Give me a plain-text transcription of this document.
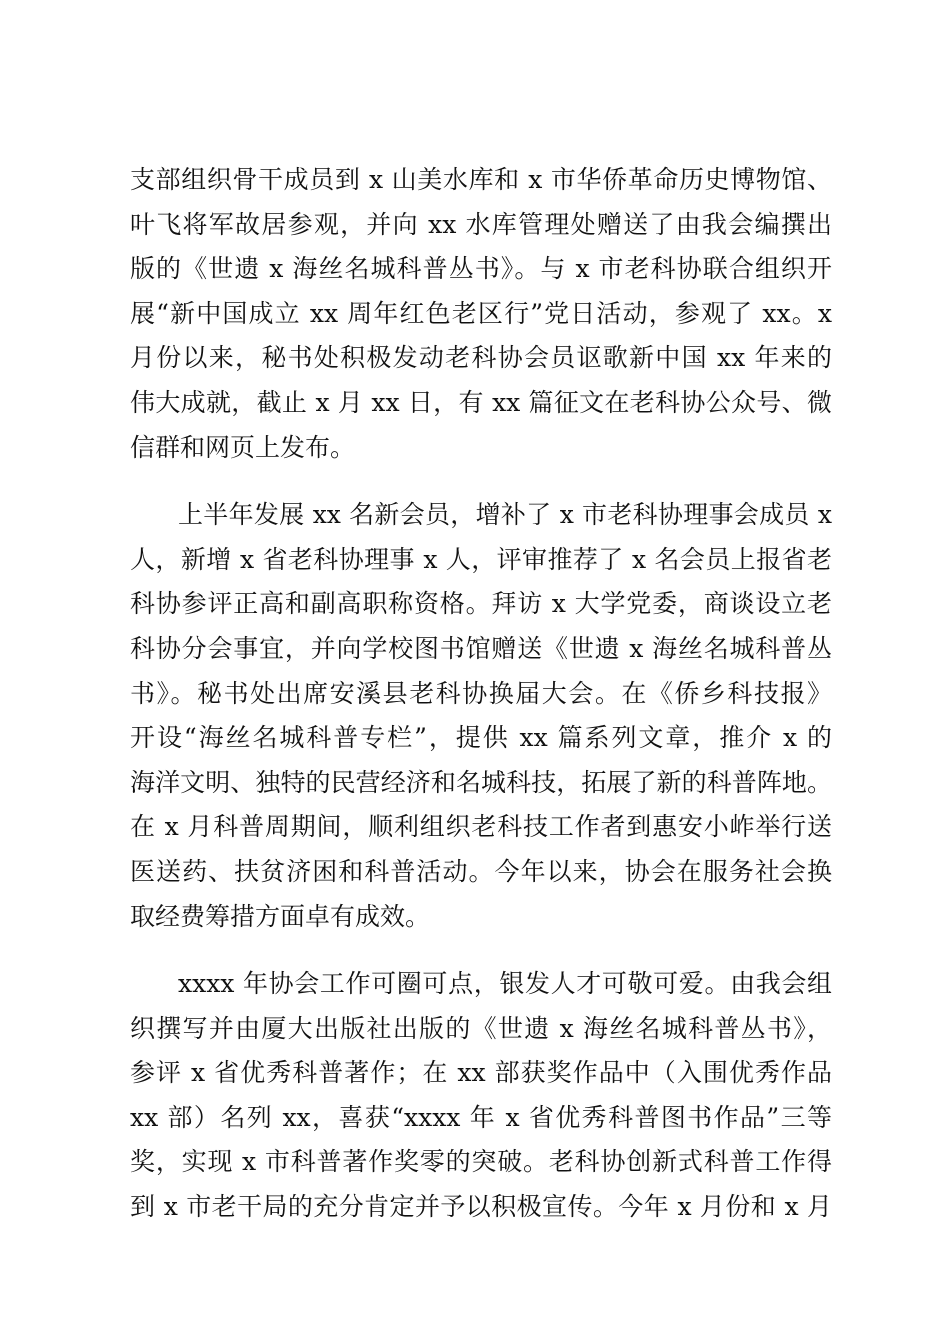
支部组织骨干成员到 x 山美水库和 x 市华侨革命历史博物馆、
叶飞将军故居参观，并向 xx 水库管理处赠送了由我会编撰出
版的《世遗 x 海丝名城科普丛书》。与 x 市老科协联合组织开
展“新中国成立 xx 周年红色老区行”党日活动，参观了 xx。x
月份以来，秘书处积极发动老科协会员讴歌新中国 xx 年来的
伟大成就，截止 x 月 xx 日，有 xx 篇征文在老科协公众号、微
信群和网页上发布。
上半年发展 xx 名新会员，增补了 x 市老科协理事会成员 x
人，新增 x 省老科协理事 x 人，评审推荐了 x 名会员上报省老
科协参评正高和副高职称资格。拜访 x 大学党委，商谈设立老
科协分会事宜，并向学校图书馆赠送《世遗 x 海丝名城科普丛
书》。秘书处出席安溪县老科协换届大会。在《侨乡科技报》
开设“海丝名城科普专栏”，提供 xx 篇系列文章，推介 x 的
海洋文明、独特的民营经济和名城科技，拓展了新的科普阵地。
在 x 月科普周期间，顺利组织老科技工作者到惠安小岞举行送
医送药、扶贫济困和科普活动。今年以来，协会在服务社会换
取经费筹措方面卓有成效。
xxxx 年协会工作可圈可点，银发人才可敬可爱。由我会组
织撰写并由厦大出版社出版的《世遗 x 海丝名城科普丛书》，
参评 x 省优秀科普著作；在 xx 部获奖作品中（入围优秀作品
xx 部）名列 xx，喜获“xxxx 年 x 省优秀科普图书作品”三等
奖，实现 x 市科普著作奖零的突破。老科协创新式科普工作得
到 x 市老干局的充分肯定并予以积极宣传。今年 x 月份和 x 月
